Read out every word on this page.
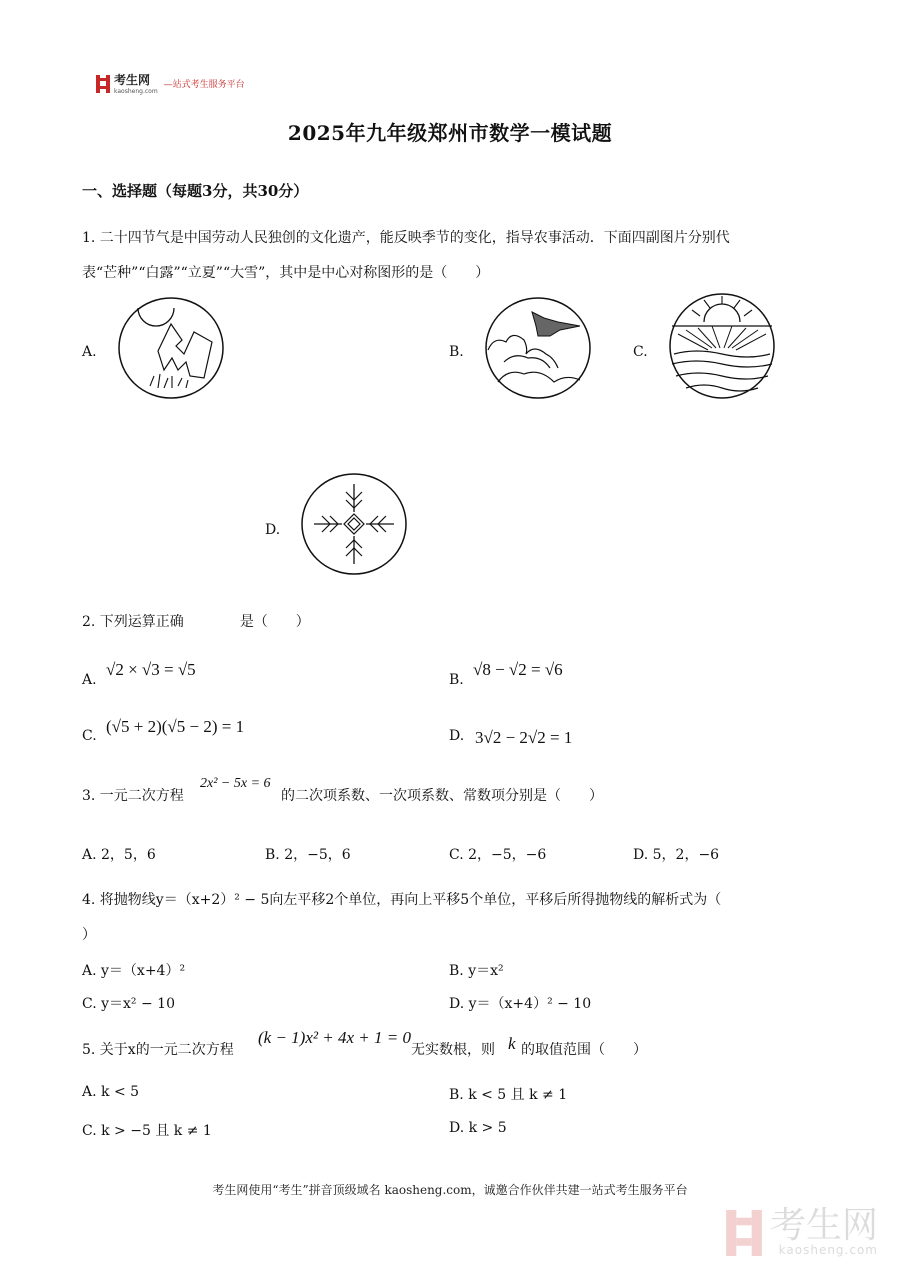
考生网
kaosheng.com
—站式考生服务平台
2025年九年级郑州市数学一模试题
一、选择题（每题3分，共30分）
1. 二十四节气是中国劳动人民独创的文化遗产，能反映季节的变化，指导农事活动．下面四副图片分别代
表“芒种”“白露”“立夏”“大雪”，其中是中心对称图形的是（　　）
A.	B.	C.
D.
2. 下列运算正确	是（　　）
A.
√2 × √3 = √5
B.
√8 − √2 = √6
C. (√5 + 2)(√5 − 2) = 1	D. 3√2 − 2√2 = 1
3. 一元二次方程
2x² − 5x = 6
的二次项系数、一次项系数、常数项分别是（　　）
A. 2，5，6	B. 2，−5，6	C. 2，−5，−6	D. 5，2，−6
4. 将抛物线y＝（x+2）² − 5向左平移2个单位，再向上平移5个单位，平移后所得抛物线的解析式为（
）
A. y＝（x+4）²	B. y＝x²
C. y＝x² − 10	D. y＝（x+4）² − 10
5. 关于x的一元二次方程
(k − 1)x² + 4x + 1 = 0
无实数根，则 k 的取值范围（　　）
A. k < 5	B. k < 5 且 k ≠ 1
C. k > −5 且 k ≠ 1	D. k > 5
考生网使用“考生”拼音顶级域名 kaosheng.com，诚邀合作伙伴共建一站式考生服务平台
考生网
kaosheng.com
